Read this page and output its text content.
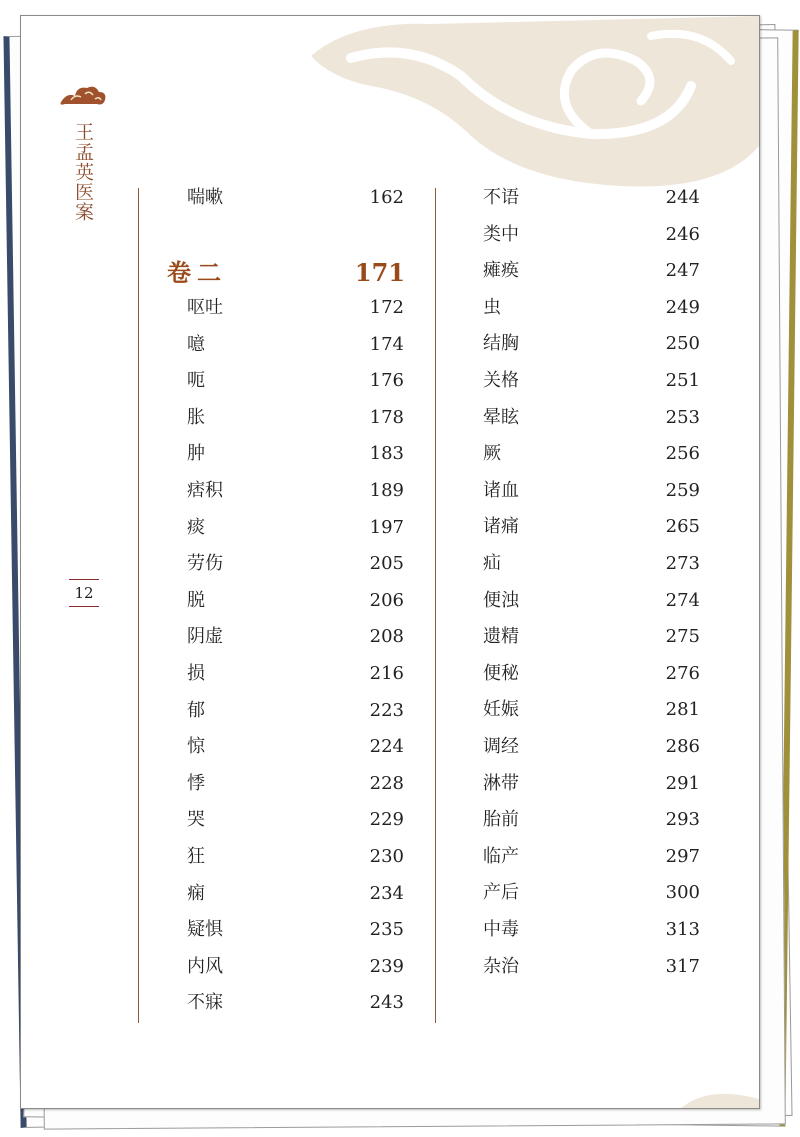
王孟英医案
12
喘嗽	162
卷二	171
呕吐	172
噫	174
呃	176
胀	178
肿	183
痞积	189
痰	197
劳伤	205
脱	206
阴虚	208
损	216
郁	223
惊	224
悸	228
哭	229
狂	230
痫	234
疑惧	235
内风	239
不寐	243
不语	244
类中	246
瘫痪	247
虫	249
结胸	250
关格	251
晕眩	253
厥	256
诸血	259
诸痛	265
疝	273
便浊	274
遗精	275
便秘	276
妊娠	281
调经	286
淋带	291
胎前	293
临产	297
产后	300
中毒	313
杂治	317
